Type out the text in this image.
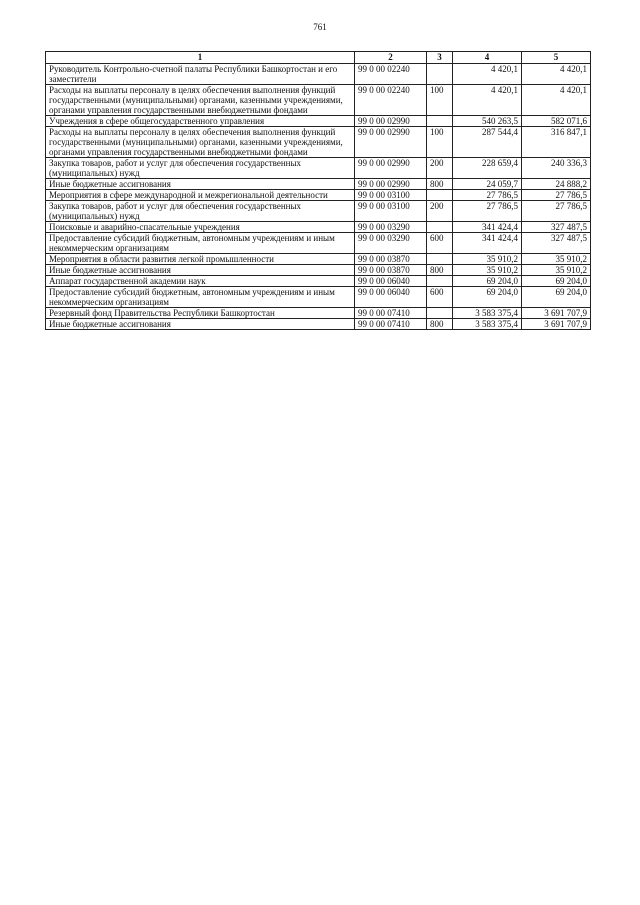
761
1	2	3	4	5
Руководитель Контрольно-счетной палаты Республики Башкортостан и его заместители	99 0 00 02240		4 420,1	4 420,1
Расходы на выплаты персоналу в целях обеспечения выполнения функций государственными (муниципальными) органами, казенными учреждениями, органами управления государственными внебюджетными фондами	99 0 00 02240	100	4 420,1	4 420,1
Учреждения в сфере общегосударственного управления	99 0 00 02990		540 263,5	582 071,6
Расходы на выплаты персоналу в целях обеспечения выполнения функций государственными (муниципальными) органами, казенными учреждениями, органами управления государственными внебюджетными фондами	99 0 00 02990	100	287 544,4	316 847,1
Закупка товаров, работ и услуг для обеспечения государственных (муниципальных) нужд	99 0 00 02990	200	228 659,4	240 336,3
Иные бюджетные ассигнования	99 0 00 02990	800	24 059,7	24 888,2
Мероприятия в сфере международной и межрегиональной деятельности	99 0 00 03100		27 786,5	27 786,5
Закупка товаров, работ и услуг для обеспечения государственных (муниципальных) нужд	99 0 00 03100	200	27 786,5	27 786,5
Поисковые и аварийно-спасательные учреждения	99 0 00 03290		341 424,4	327 487,5
Предоставление субсидий бюджетным, автономным учреждениям и иным некоммерческим организациям	99 0 00 03290	600	341 424,4	327 487,5
Мероприятия в области развития легкой промышленности	99 0 00 03870		35 910,2	35 910,2
Иные бюджетные ассигнования	99 0 00 03870	800	35 910,2	35 910,2
Аппарат государственной академии наук	99 0 00 06040		69 204,0	69 204,0
Предоставление субсидий бюджетным, автономным учреждениям и иным некоммерческим организациям	99 0 00 06040	600	69 204,0	69 204,0
Резервный фонд Правительства Республики Башкортостан	99 0 00 07410		3 583 375,4	3 691 707,9
Иные бюджетные ассигнования	99 0 00 07410	800	3 583 375,4	3 691 707,9
